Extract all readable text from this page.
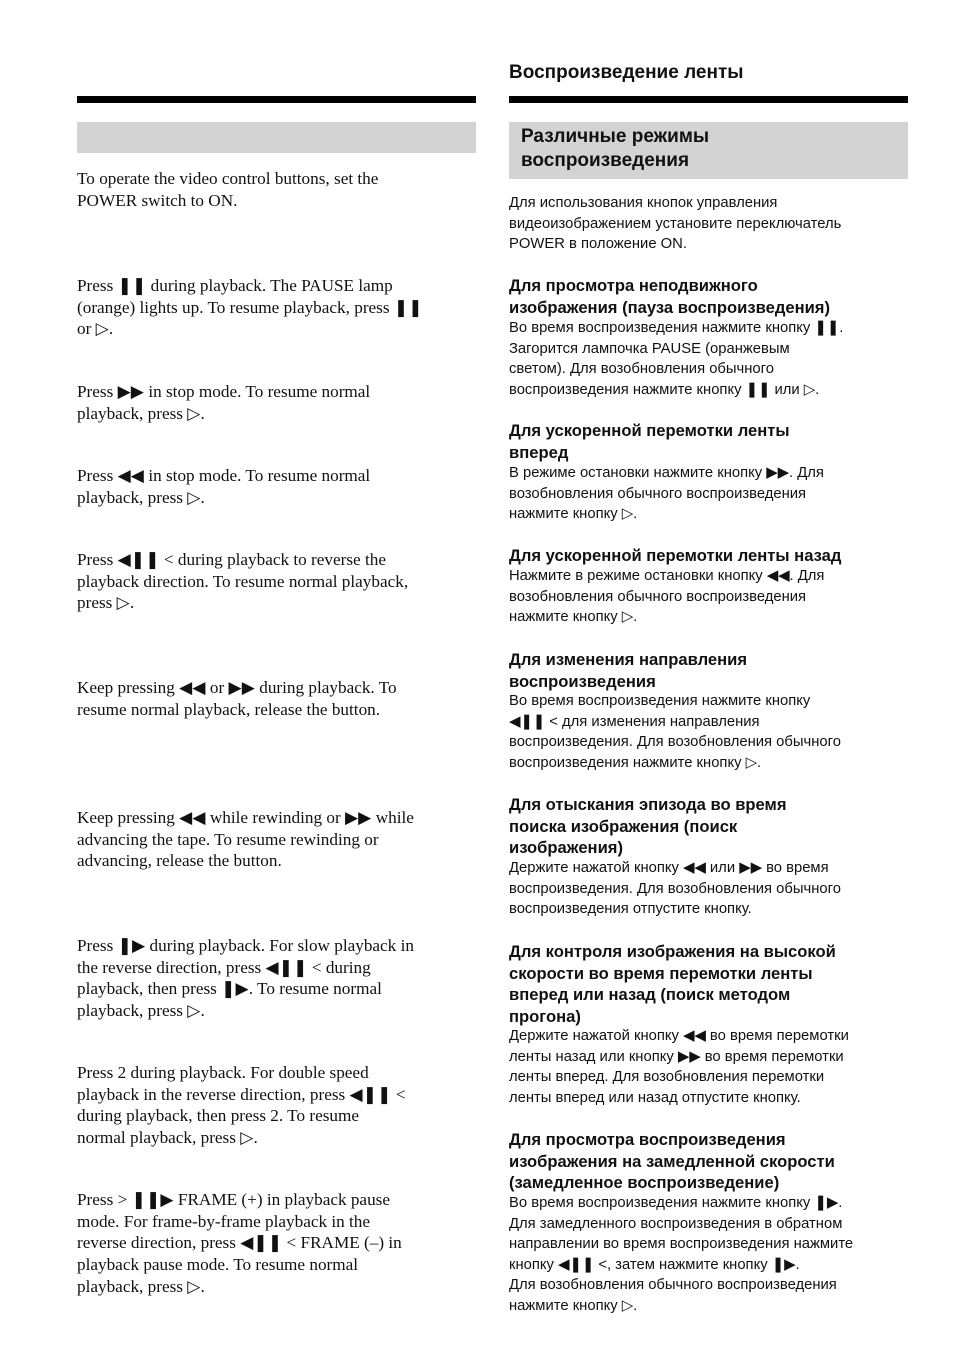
Воспроизведение ленты
Различные режимы
воспроизведения
To operate the video control buttons, set the
POWER switch to ON.
Press ❚❚ during playback. The PAUSE lamp
(orange) lights up. To resume playback, press ❚❚
or ▷.
Press ▶▶ in stop mode. To resume normal
playback, press ▷.
Press ◀◀ in stop mode. To resume normal
playback, press ▷.
Press ◀❚❚ < during playback to reverse the
playback direction. To resume normal playback,
press ▷.
Keep pressing ◀◀ or ▶▶ during playback. To
resume normal playback, release the button.
Keep pressing ◀◀ while rewinding or ▶▶ while
advancing the tape. To resume rewinding or
advancing, release the button.
Press ❚▶ during playback. For slow playback in
the reverse direction, press ◀❚❚ < during
playback, then press ❚▶. To resume normal
playback, press ▷.
Press 2 during playback. For double speed
playback in the reverse direction, press ◀❚❚ <
during playback, then press 2. To resume
normal playback, press ▷.
Press > ❚❚▶ FRAME (+) in playback pause
mode. For frame-by-frame playback in the
reverse direction, press ◀❚❚ < FRAME (–) in
playback pause mode. To resume normal
playback, press ▷.
Для использования кнопок управления
видеоизображением установите переключатель
POWER в положение ON.
Для просмотра неподвижного
изображения (пауза воспроизведения)
Во время воспроизведения нажмите кнопку ❚❚.
Загорится лампочка PAUSE (оранжевым
светом). Для возобновления обычного
воспроизведения нажмите кнопку ❚❚ или ▷.
Для ускоренной перемотки ленты
вперед
В режиме остановки нажмите кнопку ▶▶. Для
возобновления обычного воспроизведения
нажмите кнопку ▷.
Для ускоренной перемотки ленты назад
Нажмите в режиме остановки кнопку ◀◀. Для
возобновления обычного воспроизведения
нажмите кнопку ▷.
Для изменения направления
воспроизведения
Во время воспроизведения нажмите кнопку
◀❚❚ < для изменения направления
воспроизведения. Для возобновления обычного
воспроизведения нажмите кнопку ▷.
Для отыскания эпизода во время
поиска изображения (поиск
изображения)
Держите нажатой кнопку ◀◀ или ▶▶ во время
воспроизведения. Для возобновления обычного
воспроизведения отпустите кнопку.
Для контроля изображения на высокой
скорости во время перемотки ленты
вперед или назад (поиск методом
прогона)
Держите нажатой кнопку ◀◀ во время перемотки
ленты назад или кнопку ▶▶ во время перемотки
ленты вперед. Для возобновления перемотки
ленты вперед или назад отпустите кнопку.
Для просмотра воспроизведения
изображения на замедленной скорости
(замедленное воспроизведение)
Во время воспроизведения нажмите кнопку ❚▶.
Для замедленного воспроизведения в обратном
направлении во время воспроизведения нажмите
кнопку ◀❚❚ <, затем нажмите кнопку ❚▶.
Для возобновления обычного воспроизведения
нажмите кнопку ▷.
